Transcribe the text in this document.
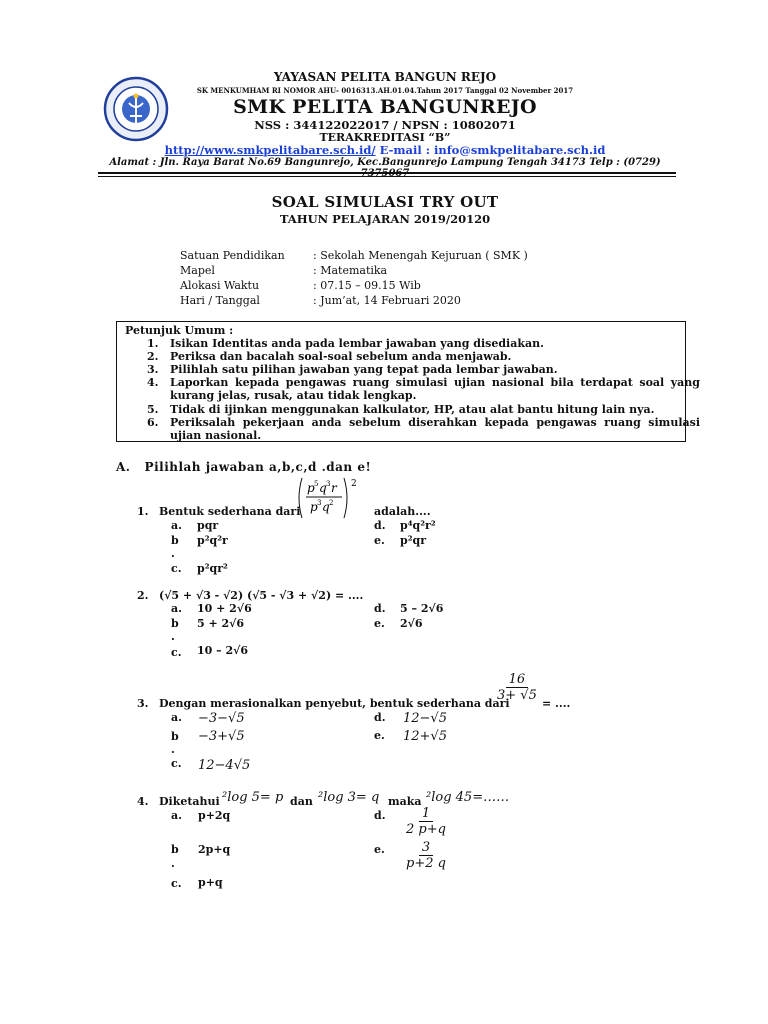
YAYASAN PELITA BANGUN REJO
SK MENKUMHAM RI NOMOR AHU- 0016313.AH.01.04.Tahun 2017 Tanggal 02 November 2017
SMK PELITA BANGUNREJO
NSS : 344122022017 / NPSN : 10802071
TERAKREDITASI “B”
http://www.smkpelitabare.sch.id/ E-mail : info@smkpelitabare.sch.id
Alamat : Jln. Raya Barat No.69 Bangunrejo, Kec.Bangunrejo Lampung Tengah 34173 Telp : (0729) 7375067
SOAL SIMULASI TRY OUT
TAHUN PELAJARAN 2019/20120
Satuan Pendidikan	: Sekolah Menengah Kejuruan ( SMK )
Mapel	: Matematika
Alokasi Waktu	: 07.15 – 09.15 Wib
Hari / Tanggal	: Jum’at, 14 Februari 2020
Petunjuk Umum :
1. Isikan Identitas anda pada lembar jawaban yang disediakan.
2. Periksa dan bacalah soal-soal sebelum anda menjawab.
3. Pilihlah satu pilihan jawaban yang tepat pada lembar jawaban.
4. Laporkan kepada pengawas ruang simulasi ujian nasional bila terdapat soal yang kurang jelas, rusak, atau tidak lengkap.
5. Tidak di ijinkan menggunakan kalkulator, HP, atau alat bantu hitung lain nya.
6. Periksalah pekerjaan anda sebelum diserahkan kepada pengawas ruang simulasi ujian nasional.
A. Pilihlah jawaban a,b,c,d .dan e!
1. Bentuk sederhana dari
p 5 q 3 r
p 3 q 2
2
adalah....
a. pqr
b p²q²r
.
c. p²qr²
d. p⁴q²r²
e. p²qr
2. (√5 + √3 - √2) (√5 - √3 + √2) = ....
a. 10 + 2√6
b 5 + 2√6
.
c. 10 – 2√6
d. 5 – 2√6
e. 2√6
3. Dengan merasionalkan penyebut, bentuk sederhana dari
$\frac{16}{3+ √5}$
= ....
a. −3−√5
b −3+√5
.
c. 12−4√5
d. 12−√5
e. 12+√5
4. Diketahui ²log 5= p dan ²log 3= q maka ²log 45=……
a. p+2q
b 2p+q
.
c. p+q
d. $\frac{1}{2 p+q}$
e. $\frac{3}{p+2 q}$
